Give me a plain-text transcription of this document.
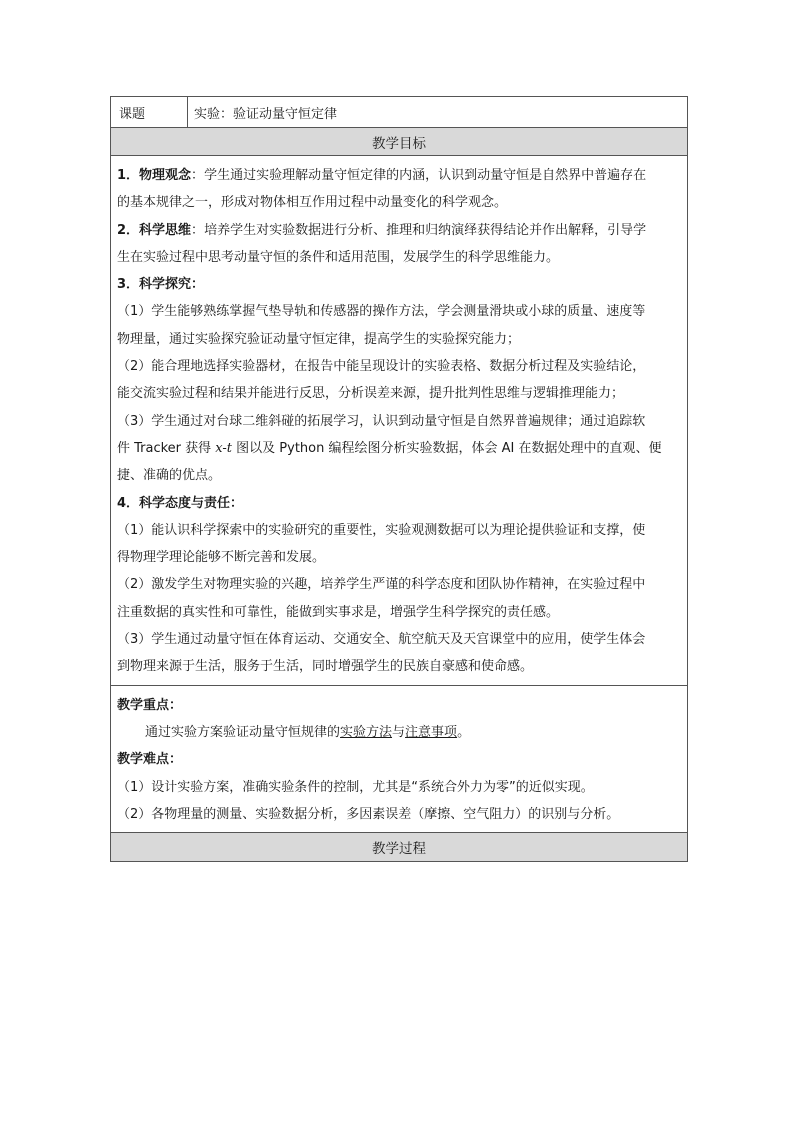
课题	实验：验证动量守恒定律
教学目标
1．物理观念：学生通过实验理解动量守恒定律的内涵，认识到动量守恒是自然界中普遍存在
的基本规律之一，形成对物体相互作用过程中动量变化的科学观念。
2．科学思维：培养学生对实验数据进行分析、推理和归纳演绎获得结论并作出解释，引导学
生在实验过程中思考动量守恒的条件和适用范围，发展学生的科学思维能力。
3．科学探究：
（1）学生能够熟练掌握气垫导轨和传感器的操作方法，学会测量滑块或小球的质量、速度等
物理量，通过实验探究验证动量守恒定律，提高学生的实验探究能力；
（2）能合理地选择实验器材，在报告中能呈现设计的实验表格、数据分析过程及实验结论，
能交流实验过程和结果并能进行反思，分析误差来源，提升批判性思维与逻辑推理能力；
（3）学生通过对台球二维斜碰的拓展学习，认识到动量守恒是自然界普遍规律；通过追踪软
件 Tracker 获得 x-t 图以及 Python 编程绘图分析实验数据，体会 AI 在数据处理中的直观、便
捷、准确的优点。
4．科学态度与责任：
（1）能认识科学探索中的实验研究的重要性，实验观测数据可以为理论提供验证和支撑，使
得物理学理论能够不断完善和发展。
（2）激发学生对物理实验的兴趣，培养学生严谨的科学态度和团队协作精神，在实验过程中
注重数据的真实性和可靠性，能做到实事求是，增强学生科学探究的责任感。
（3）学生通过动量守恒在体育运动、交通安全、航空航天及天宫课堂中的应用，使学生体会
到物理来源于生活，服务于生活，同时增强学生的民族自豪感和使命感。
教学重点：
通过实验方案验证动量守恒规律的实验方法与注意事项。
教学难点：
（1）设计实验方案，准确实验条件的控制，尤其是“系统合外力为零”的近似实现。
（2）各物理量的测量、实验数据分析，多因素误差（摩擦、空气阻力）的识别与分析。
教学过程
